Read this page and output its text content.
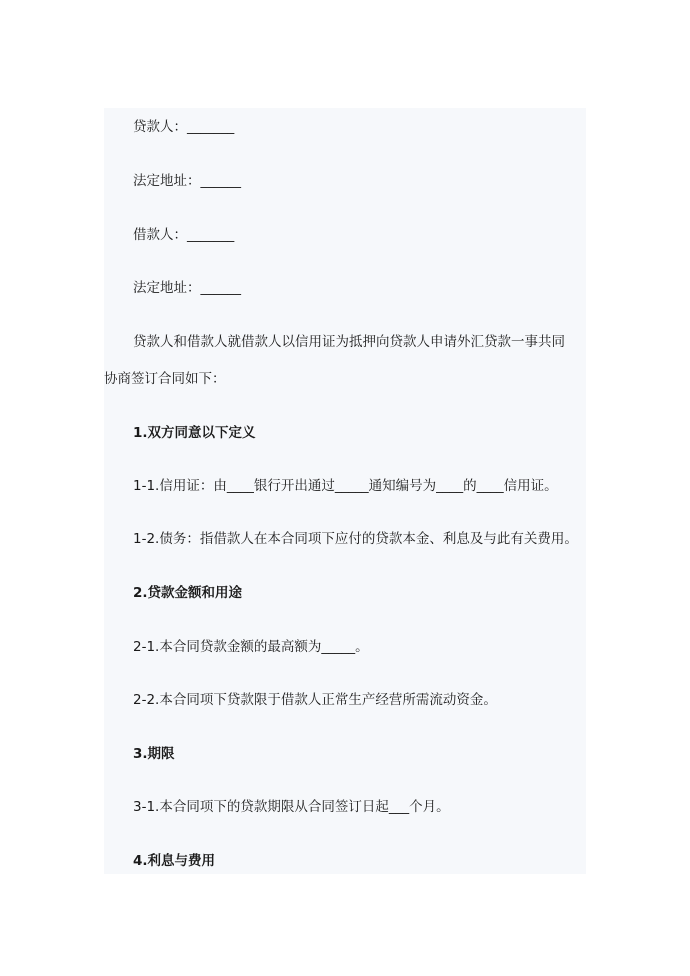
贷款人：_______

法定地址：______

借款人：_______

法定地址：______

贷款人和借款人就借款人以信用证为抵押向贷款人申请外汇贷款一事共同

协商签订合同如下：

1.双方同意以下定义

1-1.信用证：由____银行开出通过_____通知编号为____的____信用证。

1-2.债务：指借款人在本合同项下应付的贷款本金、利息及与此有关费用。

2.贷款金额和用途

2-1.本合同贷款金额的最高额为_____。

2-2.本合同项下贷款限于借款人正常生产经营所需流动资金。

3.期限

3-1.本合同项下的贷款期限从合同签订日起___个月。

4.利息与费用
